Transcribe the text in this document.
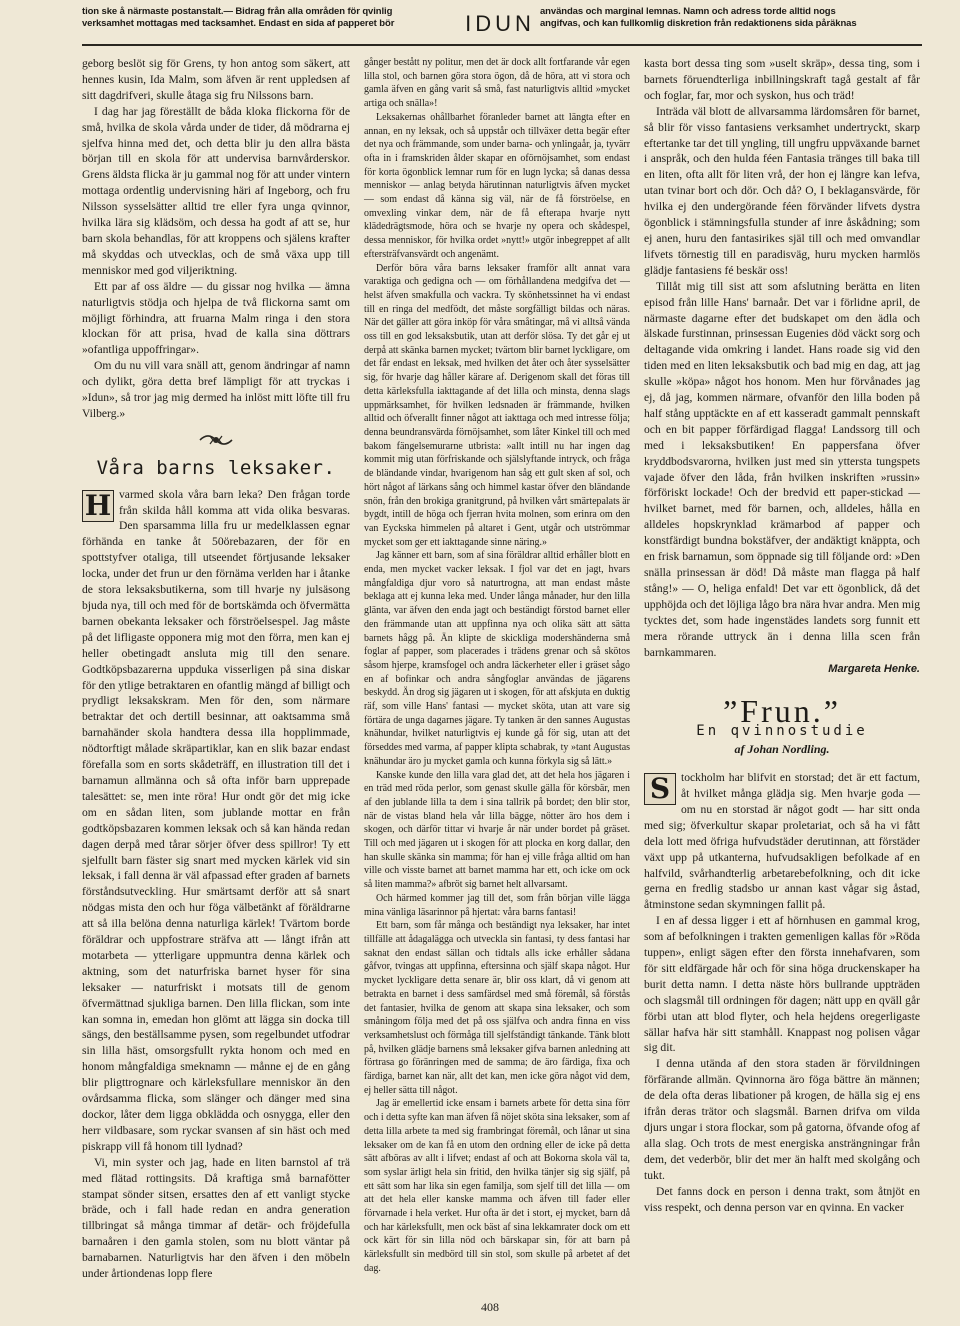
tion ske å närmaste postanstalt.— Bidrag från alla områden för qvinlig
verksamhet mottagas med tacksamhet. Endast en sida af papperet bör	IDUN användas och marginal lemnas. Namn och adress torde alltid nogs
angifvas, och kan fullkomlig diskretion från redaktionens sida påräknas

geborg beslöt sig för Grens, ty hon antog som säkert, att hennes kusin, Ida Malm, som äfven är rent uppledsen af sitt dagdrifveri, skulle åtaga sig fru Nilssons barn.

I dag har jag föreställt de båda kloka flickorna för de små, hvilka de skola vårda under de tider, då mödrarna ej sjelfva hinna med det, och detta blir ju den allra bästa början till en skola för att undervisa barnvårderskor. Grens äldsta flicka är ju gammal nog för att under vintern mottaga ordentlig undervisning häri af Ingeborg, och fru Nilsson sysselsätter alltid tre eller fyra unga qvinnor, hvilka lära sig klädsöm, och dessa ha godt af att se, hur barn skola behandlas, för att kroppens och själens krafter må skyddas och utvecklas, och de små växa upp till menniskor med god viljeriktning.

Ett par af oss äldre — du gissar nog hvilka — ämna naturligtvis stödja och hjelpa de två flickorna samt om möjligt förhindra, att fruarna Malm ringa i den stora klockan för att prisa, hvad de kalla sina döttrars »ofantliga uppoffringar».

Om du nu vill vara snäll att, genom ändringar af namn och dylikt, göra detta bref lämpligt för att tryckas i »Idun», så tror jag mig dermed ha inlöst mitt löfte till fru Vilberg.»

Våra barns leksaker.

H varmed skola våra barn leka? Den frågan torde från skilda håll komma att vida olika besvaras. Den sparsamma lilla fru ur medelklassen egnar förhända en tanke åt 50örebazaren, der för en spottstyfver otaliga, till utseendet förtjusande leksaker locka, under det frun ur den förnäma verlden har i åtanke de stora leksaksbutikerna, som till hvarje ny julsäsong bjuda nya, till och med för de bortskämda och öfvermätta barnen obekanta leksaker och förströelsespel. Jag måste på det lifligaste opponera mig mot den förra, men kan ej heller obetingadt ansluta mig till den senare. Godtköpsbazarerna uppduka visserligen på sina diskar för den ytlige betraktaren en ofantlig mängd af billigt och prydligt leksakskram. Men för den, som närmare betraktar det och dertill besinnar, att oaktsamma små barnahänder skola handtera dessa illa hopplimmade, nödtorftigt målade skräpartiklar, kan en slik bazar endast förefalla som en sorts skådeträff, en illustration till det i barnamun allmänna och så ofta inför barn upprepade talesättet: se, men inte röra! Hur ondt gör det mig icke om en sådan liten, som jublande mottar en från godtköpsbazaren kommen leksak och så kan hända redan dagen derpå med tårar sörjer öfver dess spillror! Ty ett sjelfullt barn fäster sig snart med mycken kärlek vid sin leksak, i fall denna är väl afpassad efter graden af barnets förståndsutveckling. Hur smärtsamt derför att så snart nödgas mista den och hur föga välbetänkt af föräldrarne att så illa belöna denna naturliga kärlek! Tvärtom borde föräldrar och uppfostrare sträfva att — långt ifrån att motarbeta — ytterligare uppmuntra denna kärlek och aktning, som det naturfriska barnet hyser för sina leksaker — naturfriskt i motsats till de genom öfvermättnad sjukliga barnen. Den lilla flickan, som inte kan somna in, emedan hon glömt att lägga sin docka till sängs, den beställsamme pysen, som regelbundet utfodrar sin lilla häst, omsorgsfullt rykta honom och med en honom mångfaldiga smeknamn — månne ej de en gång blir pligttrognare och kärleksfullare menniskor än den ovårdsamma flicka, som slänger och dänger med sina dockor, låter dem ligga obklädda och osnygga, eller den herr vildbasare, som ryckar svansen af sin häst och med piskrapp vill få honom till lydnad?

Vi, min syster och jag, hade en liten barnstol af trä med flätad rottingsits. Då kraftiga små barnafötter stampat sönder sitsen, ersattes den af ett vanligt stycke bräde, och i fall hade redan en andra generation tillbringat så många timmar af detär- och fröjdefulla barnaåren i den gamla stolen, som nu blott väntar på barnabarnen. Naturligtvis har den äfven i den möbeln under årtiondenas lopp flere

gånger bestått ny politur, men det är dock allt fortfarande vår egen lilla stol, och barnen göra stora ögon, då de höra, att vi stora och gamla äfven en gång varit så små, fast naturligtvis alltid »mycket artiga och snälla»!

Leksakernas ohållbarhet föranleder barnet att längta efter en annan, en ny leksak, och så uppstår och tillväxer detta begär efter det nya och främmande, som under barna- och ynlingaår, ja, tyvärr ofta in i framskriden ålder skapar en oförnöjsamhet, som endast för korta ögonblick lemnar rum för en lugn lycka; så danas dessa menniskor — anlag betyda härutinnan naturligtvis äfven mycket — som endast då känna sig väl, när de få förströelse, en omvexling vinkar dem, när de få efterapa hvarje nytt klädedrägtsmode, höra och se hvarje ny opera och skådespel, dessa menniskor, för hvilka ordet »nytt!» utgör inbegreppet af allt eftersträfvansvärdt och angenämt.

Derför böra våra barns leksaker framför allt annat vara varaktiga och gedigna och — om förhållandena medgifva det — helst äfven smakfulla och vackra. Ty skönhetssinnet ha vi endast till en ringa del medfödt, det måste sorgfälligt bildas och näras. När det gäller att göra inköp för våra småtingar, må vi alltså vända oss till en god leksaksbutik, utan att derför slösa. Ty det går ej ut derpå att skänka barnen mycket; tvärtom blir barnet lyckligare, om det får endast en leksak, med hvilken det åter och åter sysselsätter sig, för hvarje dag håller kärare af. Derigenom skall det föras till detta kärleksfulla iakttagande af det lilla och minsta, denna slags uppmärksamhet, för hvilken ledsnaden är främmande, hvilken alltid och öfverallt finner något att iakttaga och med intresse följa; denna beundransvärda förnöjsamhet, som låter Kinkel till och med bakom fängelsemurarne utbrista: »allt intill nu har ingen dag kommit mig utan förfriskande och själslyftande intryck, och fråga de bländande vindar, hvarigenom han såg ett gult sken af sol, och hört något af lärkans sång och himmel kastar öfver den bländande snön, från den brokiga granitgrund, på hvilken vårt smärtepalats är bygdt, intill de höga och fjerran hvita molnen, som erinra om den van Eyckska himmelen på altaret i Gent, utgår och utströmmar mycket som ger ett iakttagande sinne näring.»

Jag känner ett barn, som af sina föräldrar alltid erhåller blott en enda, men mycket vacker leksak. I fjol var det en jagt, hvars mångfaldiga djur voro så naturtrogna, att man endast måste beklaga att ej kunna leka med. Under långa månader, hur den lilla glänta, var äfven den enda jagt och beständigt förstod barnet eller den främmande utan att uppfinna nya och olika sätt att sätta barnets hågg på. Än klipte de skickliga modershänderna små foglar af papper, som placerades i trädens grenar och så skötos såsom hjerpe, kramsfogel och andra läckerheter eller i gräset sågo en af bofinkar och andra sångfoglar användas de jägarens beskydd. Än drog sig jägaren ut i skogen, för att afskjuta en duktig räf, som ville Hans' fantasi — mycket sköta, utan att vare sig förtära de unga dagarnes jägare. Ty tanken är den sannes Augustas knähundar, hvilket naturligtvis ej kunde gå för sig, utan att det förseddes med varma, af papper klipta schabrak, ty »tant Augustas knähundar äro ju mycket gamla och kunna förkyla sig så lätt.»

Kanske kunde den lilla vara glad det, att det hela hos jägaren i en träd med röda perlor, som genast skulle gälla för körsbär, men af den jublande lilla ta dem i sina tallrik på bordet; den blir stor, när de vistas bland hela vår lilla bägge, nötter äro hos dem i skogen, och därför tittar vi hvarje år när under bordet på gräset. Till och med jägaren ut i skogen för att plocka en korg dallar, den han skulle skänka sin mamma; för han ej ville fråga alltid om han ville och visste barnet att barnet mamma har ett, och icke om ock så liten mamma?» afbröt sig barnet helt allvarsamt.

Och härmed kommer jag till det, som från början ville lägga mina vänliga läsarinnor på hjertat: våra barns fantasi!

Ett barn, som får många och beständigt nya leksaker, har intet tillfälle att ådagalägga och utveckla sin fantasi, ty dess fantasi har saknat den endast sällan och tidtals alls icke erhåller sådana gåfvor, tvingas att uppfinna, eftersinna och själf skapa något. Hur mycket lyckligare detta senare är, blir oss klart, då vi genom att betrakta en barnet i dess samfärdsel med små föremål, så förstås det fantasier, hvilka de genom att skapa sina leksaker, och som småningom följa med det på oss själfva och andra finna en viss verksamhetslust och förmåga till sjelfständigt tänkande. Tänk blott på, hvilken glädje barnens små leksaker gifva barnen anledning att förtrasa go föränringen med de samma; de äro färdiga, fixa och färdiga, barnet kan när, allt det kan, men icke göra något vid dem, ej heller sätta till något.

Jag är emellertid icke ensam i barnets arbete för detta sina förr och i detta syfte kan man äfven få nöjet sköta sina leksaker, som af detta lilla arbete ta med sig frambringat föremål, och lånar ut sina leksaker om de kan få en utom den ordning eller de icke på detta sätt afböras av allt i lifvet; endast af och att Bokorna skola väl ta, som syslar ärligt hela sin fritid, den hvilka tänjer sig sig själf, på ett sätt som har lika sin egen familja, som sjelf till det lilla — om att det hela eller kanske mamma och äfven till fader eller förvarnade i hela verket. Hur ofta är det i stort, ej mycket, barn då och har kärleksfullt, men ock bäst af sina lekkamrater dock om ett ock kärt för sin lilla nöd och bärskapar sin, för att barn på kärleksfullt sin medbörd till sin stol, som skulle på arbetet af det dag.

kasta bort dessa ting som »uselt skräp», dessa ting, som i barnets föruendterliga inbillningskraft tagå gestalt af får och foglar, far, mor och syskon, hus och träd!

Inträda väl blott de allvarsamma lärdomsåren för barnet, så blir för visso fantasiens verksamhet undertryckt, skarp eftertanke tar det till yngling, till ungfru uppväxande barnet i anspråk, och den hulda féen Fantasia tränges till baka till en liten, ofta allt för liten vrå, der hon ej längre kan lefva, utan tvinar bort och dör. Och då? O, I beklagansvärde, för hvilka ej den undergörande féen förvänder lifvets dystra ögonblick i stämningsfulla stunder af inre åskådning; som ej anen, huru den fantasirikes själ till och med omvandlar lifvets törnestig till en paradisväg, huru mycken harmlös glädje fantasiens fé beskär oss!

Tillåt mig till sist att som afslutning berätta en liten episod från lille Hans' barnaår. Det var i förlidne april, de närmaste dagarne efter det budskapet om den ädla och älskade furstinnan, prinsessan Eugenies död väckt sorg och deltagande vida omkring i landet. Hans roade sig vid den tiden med en liten leksaksbutik och bad mig en dag, att jag skulle »köpa» något hos honom. Men hur förvånades jag ej, då jag, kommen närmare, ofvanför den lilla boden på half stång upptäckte en af ett kasseradt gammalt pennskaft och en bit papper förfärdigad flagga! Landssorg till och med i leksaksbutiken! En pappersfana öfver kryddbodsvarorna, hvilken just med sin yttersta tungspets vajade öfver den låda, från hvilken inskriften »russin» förföriskt lockade! Och der bredvid ett paper-stickad — hvilket barnet, med för barnen, och, alldeles, hålla en alldeles hopskrynklad krämarbod af papper och konstfärdigt bundna bokstäfver, der andäktigt knäppta, och en frisk barnamun, som öppnade sig till följande ord: »Den snälla prinsessan är död! Då måste man flagga på half stång!» — O, heliga enfald! Det var ett ögonblick, då det upphöjda och det löjliga lågo bra nära hvar andra. Men mig tycktes det, som hade ingenstädes landets sorg funnit ett mera rörande uttryck än i denna lilla scen från barnkammaren.

Margareta Henke.

”Frun.”
En qvinnostudie
af Johan Nordling.

S tockholm har blifvit en storstad; det är ett factum, åt hvilket många glädja sig. Men hvarje goda — om nu en storstad är något godt — har sitt onda med sig; öfverkultur skapar proletariat, och så ha vi fått dela lott med öfriga hufvudstäder derutinnan, att förstäder växt upp på utkanterna, hufvudsakligen befolkade af en halfvild, svårhandterlig arbetarebefolkning, och dit icke gerna en fredlig stadsbo ur annan kast vågar sig åstad, åtminstone sedan skymningen fallit på.

I en af dessa ligger i ett af hörnhusen en gammal krog, som af befolkningen i trakten gemenligen kallas för »Röda tuppen», enligt sägen efter den första innehafvaren, som för sitt eldfärgade hår och för sina höga druckenskaper ha burit detta namn. I detta näste hörs bullrande uppträden och slagsmål till ordningen för dagen; nätt upp en qväll går förbi utan att blod flyter, och hela hejdens oregerligaste sällar hafva här sitt stamhåll. Knappast nog polisen vågar sig dit.

I denna utända af den stora staden är förvildningen förfärande allmän. Qvinnorna äro föga bättre än männen; de dela ofta deras libationer på krogen, de hälla sig ej ens ifrån deras trätor och slagsmål. Barnen drifva om vilda djurs ungar i stora flockar, som på gatorna, öfvande ofog af alla slag. Och trots de mest energiska ansträngningar från dem, det vederbör, blir det mer än halft med skolgång och tukt.

Det fanns dock en person i denna trakt, som åtnjöt en viss respekt, och denna person var en qvinna. En vacker

408
